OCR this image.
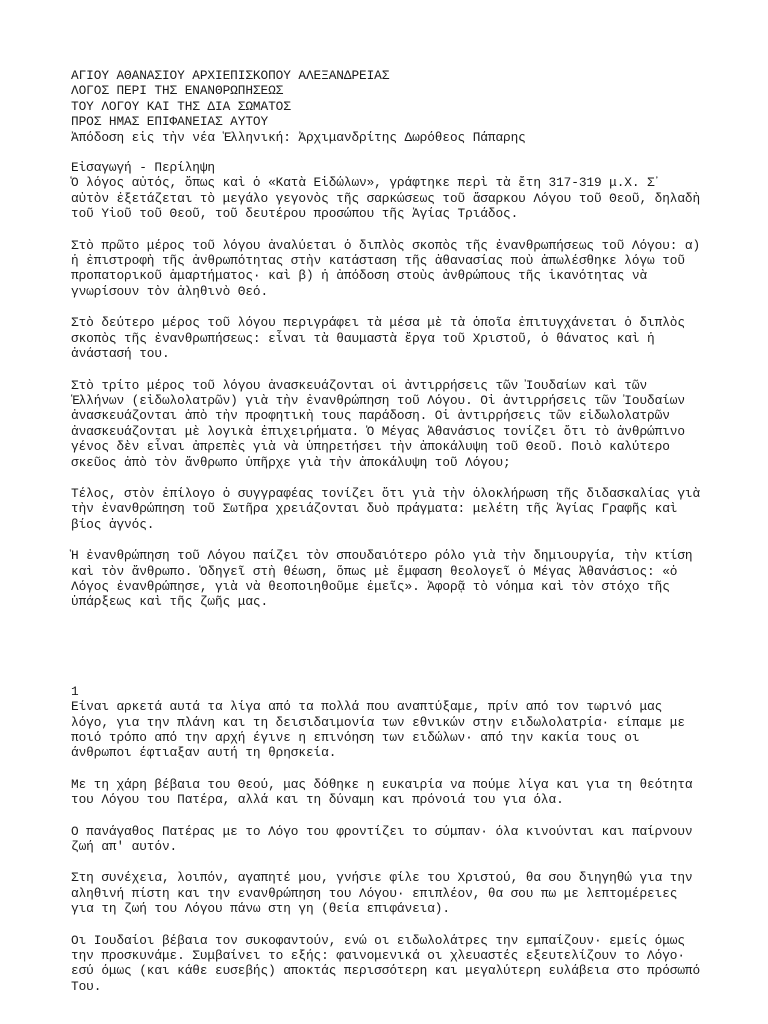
ΑΓΙΟΥ ΑΘΑΝΑΣΙΟΥ ΑΡΧΙΕΠΙΣΚΟΠΟΥ ΑΛΕΞΑΝΔΡΕΙΑΣ

ΛΟΓΟΣ ΠΕΡΙ ΤΗΣ ΕΝΑΝΘΡΩΠΗΣΕΩΣ

ΤΟΥ ΛΟΓΟΥ ΚΑΙ ΤΗΣ ΔΙΑ ΣΩΜΑΤΟΣ

ΠΡΟΣ ΗΜΑΣ ΕΠΙΦΑΝΕΙΑΣ ΑΥΤΟΥ

Ἀπόδοση εἰς τὴν νέα Ἑλληνική: Ἀρχιμανδρίτης Δωρόθεος Πάπαρης

Εἰσαγωγή - Περίληψη

Ὁ λόγος αὐτός, ὅπως καὶ ὁ «Κατὰ Εἰδώλων», γράφτηκε περὶ τὰ ἔτη 317-319 μ.Χ. Σ᾽
αὐτὸν ἐξετάζεται τὸ μεγάλο γεγονὸς τῆς σαρκώσεως τοῦ ἄσαρκου Λόγου τοῦ Θεοῦ, δηλαδὴ
τοῦ Υἱοῦ τοῦ Θεοῦ, τοῦ δευτέρου προσώπου τῆς Ἁγίας Τριάδος.

Στὸ πρῶτο μέρος τοῦ λόγου ἀναλύεται ὁ διπλὸς σκοπὸς τῆς ἐνανθρωπήσεως τοῦ Λόγου: α)
ἡ ἐπιστροφὴ τῆς ἀνθρωπότητας στὴν κατάσταση τῆς ἀθανασίας ποὺ ἀπωλέσθηκε λόγω τοῦ
προπατορικοῦ ἁμαρτήματος· καὶ β) ἡ ἀπόδοση στοὺς ἀνθρώπους τῆς ἱκανότητας νὰ
γνωρίσουν τὸν ἀληθινὸ Θεό.

Στὸ δεύτερο μέρος τοῦ λόγου περιγράφει τὰ μέσα μὲ τὰ ὁποῖα ἐπιτυγχάνεται ὁ διπλὸς
σκοπὸς τῆς ἐνανθρωπήσεως: εἶναι τὰ θαυμαστὰ ἔργα τοῦ Χριστοῦ, ὁ θάνατος καὶ ἡ
ἀνάστασή του.

Στὸ τρίτο μέρος τοῦ λόγου ἀνασκευάζονται οἱ ἀντιρρήσεις τῶν Ἰουδαίων καὶ τῶν
Ἑλλήνων (εἰδωλολατρῶν) γιὰ τὴν ἐνανθρώπηση τοῦ Λόγου. Οἱ ἀντιρρήσεις τῶν Ἰουδαίων
ἀνασκευάζονται ἀπὸ τὴν προφητικὴ τους παράδοση. Οἱ ἀντιρρήσεις τῶν εἰδωλολατρῶν
ἀνασκευάζονται μὲ λογικὰ ἐπιχειρήματα. Ὁ Μέγας Ἀθανάσιος τονίζει ὅτι τὸ ἀνθρώπινο
γένος δὲν εἶναι ἀπρεπὲς γιὰ νὰ ὑπηρετήσει τὴν ἀποκάλυψη τοῦ Θεοῦ. Ποιὸ καλύτερο
σκεῦος ἀπὸ τὸν ἄνθρωπο ὑπῆρχε γιὰ τὴν ἀποκάλυψη τοῦ Λόγου;

Τέλος, στὸν ἐπίλογο ὁ συγγραφέας τονίζει ὅτι γιὰ τὴν ὁλοκλήρωση τῆς διδασκαλίας γιὰ
τὴν ἐνανθρώπηση τοῦ Σωτῆρα χρειάζονται δυὸ πράγματα: μελέτη τῆς Ἁγίας Γραφῆς καὶ
βίος ἁγνός.

Ἡ ἐνανθρώπηση τοῦ Λόγου παίζει τὸν σπουδαιότερο ρόλο γιὰ τὴν δημιουργία, τὴν κτίση
καὶ τὸν ἄνθρωπο. Ὁδηγεῖ στὴ θέωση, ὅπως μὲ ἔμφαση θεολογεῖ ὁ Μέγας Ἀθανάσιος: «ὁ
Λόγος ἐνανθρώπησε, γιὰ νὰ θεοποιηθοῦμε ἐμεῖς». Ἀφορᾷ τὸ νόημα καὶ τὸν στόχο τῆς
ὑπάρξεως καὶ τῆς ζωῆς μας.

1

Είναι αρκετά αυτά τα λίγα από τα πολλά που αναπτύξαμε, πρίν από τον τωρινό μας
λόγο, για την πλάνη και τη δεισιδαιμονία των εθνικών στην ειδωλολατρία· είπαμε με
ποιό τρόπο από την αρχή έγινε η επινόηση των ειδώλων· από την κακία τους οι
άνθρωποι έφτιαξαν αυτή τη θρησκεία.

Με τη χάρη βέβαια του Θεού, μας δόθηκε η ευκαιρία να πούμε λίγα και για τη θεότητα
του Λόγου του Πατέρα, αλλά και τη δύναμη και πρόνοιά του για όλα.

Ο πανάγαθος Πατέρας με το Λόγο του φροντίζει το σύμπαν· όλα κινούνται και παίρνουν
ζωή απ' αυτόν.

Στη συνέχεια, λοιπόν, αγαπητέ μου, γνήσιε φίλε του Χριστού, θα σου διηγηθώ για την
αληθινή πίστη και την ενανθρώπηση του Λόγου· επιπλέον, θα σου πω με λεπτομέρειες
για τη ζωή του Λόγου πάνω στη γη (θεία επιφάνεια).

Οι Ιουδαίοι βέβαια τον συκοφαντούν, ενώ οι ειδωλολάτρες την εμπαίζουν· εμείς όμως
την προσκυνάμε. Συμβαίνει το εξής: φαινομενικά οι χλευαστές εξευτελίζουν το Λόγο·
εσύ όμως (και κάθε ευσεβής) αποκτάς περισσότερη και μεγαλύτερη ευλάβεια στο πρόσωπό
Του.
